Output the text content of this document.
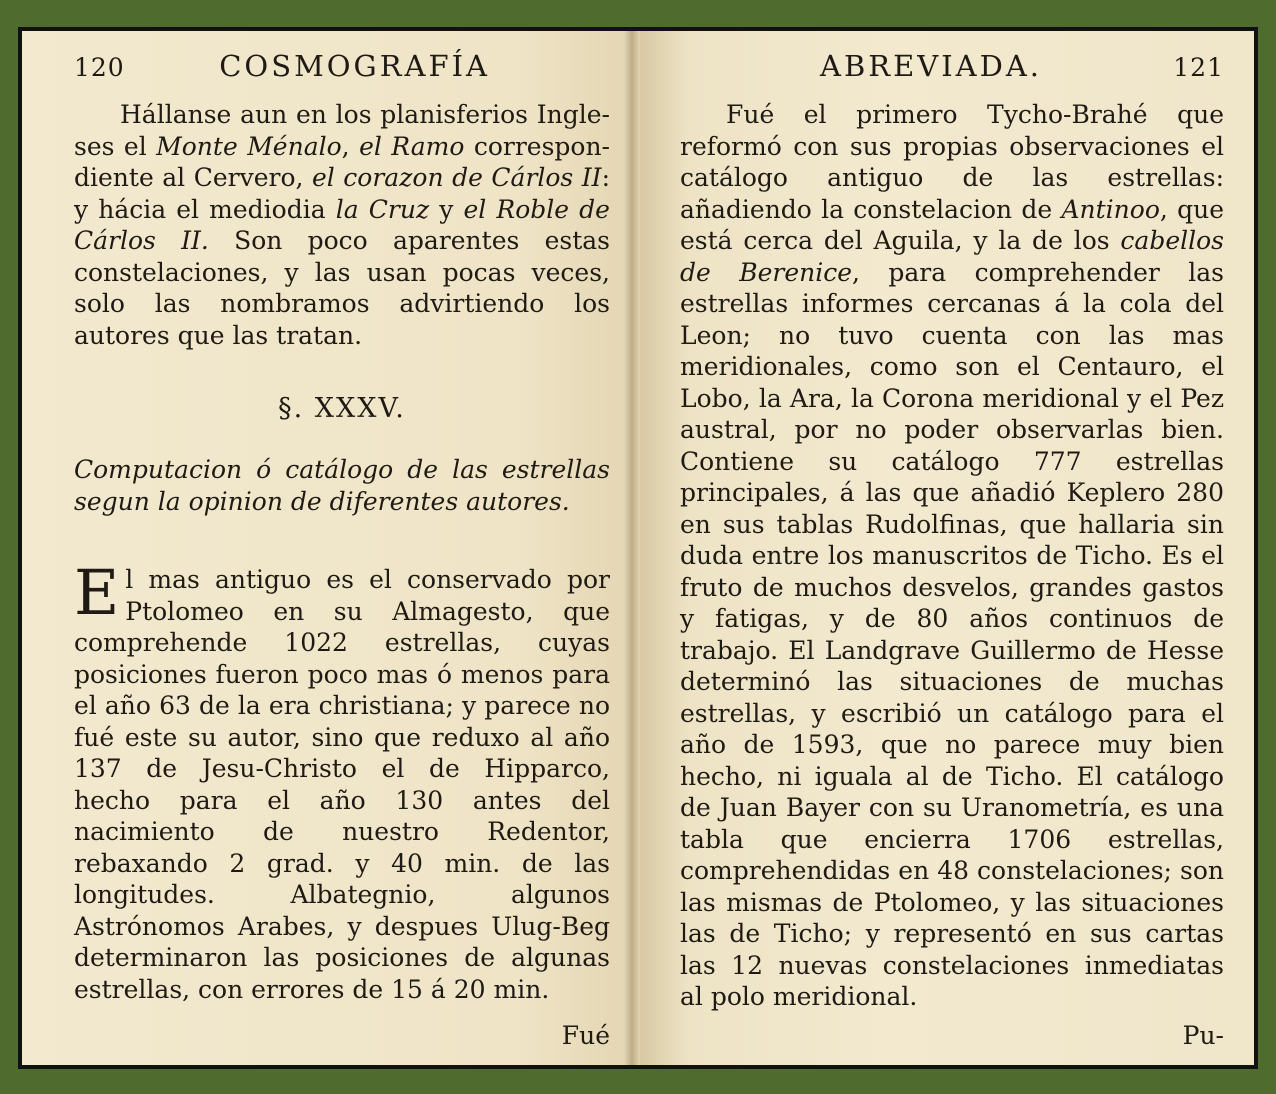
120	COSMOGRAFÍA

Hállanse aun en los planisferios Ingle-ses el Monte Ménalo, el Ramo correspon-diente al Cervero, el corazon de Cárlos II: y hácia el mediodia la Cruz y el Roble de Cárlos II. Son poco aparentes estas constelaciones, y las usan pocas veces, solo las nombramos advirtiendo los autores que las tratan.

§. XXXV.
Computacion ó catálogo de las estrellas segun la opinion de diferentes autores.

El mas antiguo es el conservado por Ptolomeo en su Almagesto, que comprehende 1022 estrellas, cuyas posiciones fueron poco mas ó menos para el año 63 de la era christiana; y parece no fué este su autor, sino que reduxo al año 137 de Jesu-Christo el de Hipparco, hecho para el año 130 antes del nacimiento de nuestro Redentor, rebaxando 2 grad. y 40 min. de las longitudes. Albategnio, algunos Astrónomos Arabes, y despues Ulug-Beg determinaron las posiciones de algunas estrellas, con errores de 15 á 20 min.

Fué
ABREVIADA.	121

Fué el primero Tycho-Brahé que reformó con sus propias observaciones el catálogo antiguo de las estrellas: añadiendo la constelacion de Antinoo, que está cerca del Aguila, y la de los cabellos de Berenice, para comprehender las estrellas informes cercanas á la cola del Leon; no tuvo cuenta con las mas meridionales, como son el Centauro, el Lobo, la Ara, la Corona meridional y el Pez austral, por no poder observarlas bien. Contiene su catálogo 777 estrellas principales, á las que añadió Keplero 280 en sus tablas Rudolfinas, que hallaria sin duda entre los manuscritos de Ticho. Es el fruto de muchos desvelos, grandes gastos y fatigas, y de 80 años continuos de trabajo. El Landgrave Guillermo de Hesse determinó las situaciones de muchas estrellas, y escribió un catálogo para el año de 1593, que no parece muy bien hecho, ni iguala al de Ticho. El catálogo de Juan Bayer con su Uranometría, es una tabla que encierra 1706 estrellas, comprehendidas en 48 constelaciones; son las mismas de Ptolomeo, y las situaciones las de Ticho; y representó en sus cartas las 12 nuevas constelaciones inmediatas al polo meridional.

Pu-
